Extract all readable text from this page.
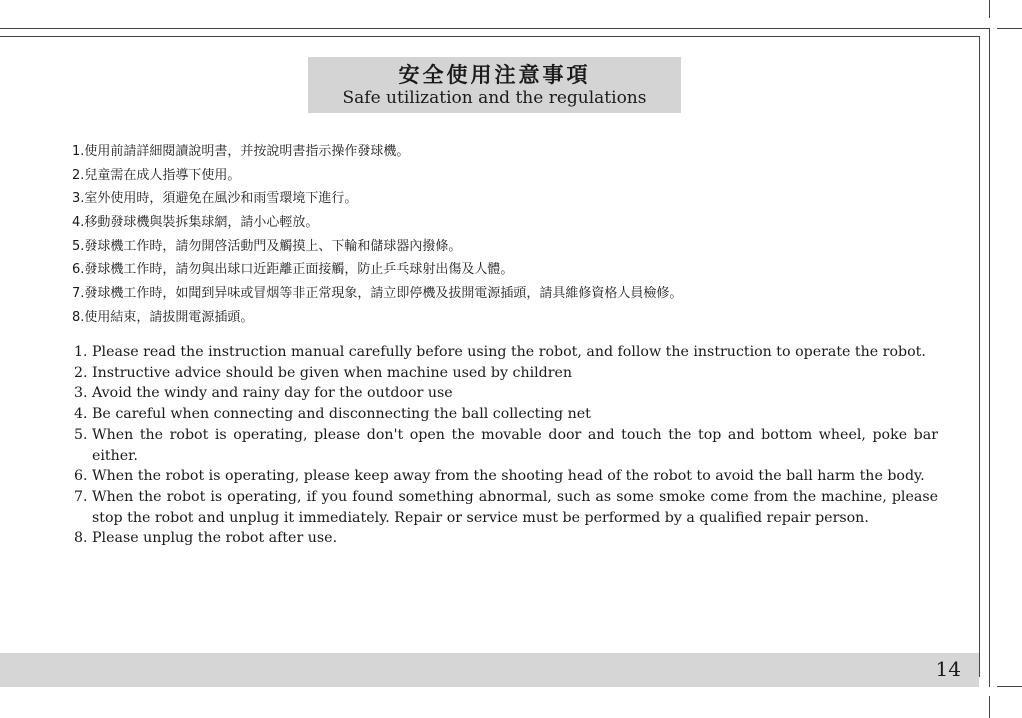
安全使用注意事項
Safe utilization and the regulations
1.使用前請詳細閱讀說明書，并按說明書指示操作發球機。
2.兒童需在成人指導下使用。
3.室外使用時，須避免在風沙和雨雪環境下進行。
4.移動發球機與裝拆集球網，請小心輕放。
5.發球機工作時，請勿開啓活動門及觸摸上、下輪和儲球器內撥條。
6.發球機工作時，請勿與出球口近距離正面接觸，防止乒乓球射出傷及人體。
7.發球機工作時，如聞到异味或冒烟等非正常現象，請立即停機及拔開電源插頭，請具維修資格人員檢修。
8.使用結束，請拔開電源插頭。
1. Please read the instruction manual carefully before using the robot, and follow the instruction to operate the robot.
2. Instructive advice should be given when machine used by children
3. Avoid the windy and rainy day for the outdoor use
4. Be careful when connecting and disconnecting the ball collecting net
5. When the robot is operating, please don't open the movable door and touch the top and bottom wheel, poke bar either.
6. When the robot is operating, please keep away from the shooting head of the robot to avoid the ball harm the body.
7. When the robot is operating, if you found something abnormal, such as some smoke come from the machine, please stop the robot and unplug it immediately. Repair or service must be performed by a qualified repair person.
8. Please unplug the robot after use.
14
